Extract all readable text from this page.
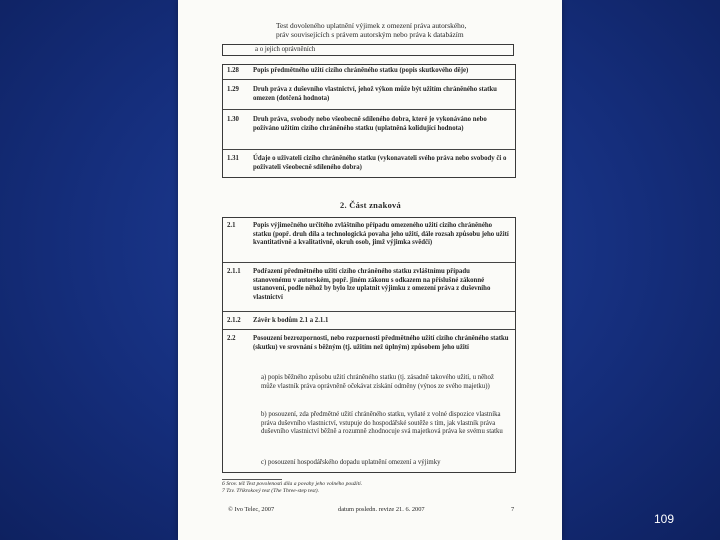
Test dovoleného uplatnění výjimek z omezení práva autorského,
práv souvisejících s právem autorským nebo práva k databázím
a o jejich oprávněních
1.28 Popis předmětného užití cizího chráněného statku (popis skutkového děje)
1.29 Druh práva z duševního vlastnictví, jehož výkon může být užitím chráněného statku omezen (dotčená hodnota)
1.30 Druh práva, svobody nebo všeobecně sdíleného dobra, které je vykonáváno nebo požíváno užitím cizího chráněného statku (uplatněná kolidující hodnota)
1.31 Údaje o uživateli cizího chráněného statku (vykonavateli svého práva nebo svobody či o poživateli všeobecně sdíleného dobra)
2. Část znaková
2.1	Popis výjimečného určitého zvláštního případu omezeného užití cizího chráněného statku (popř. druh díla a technologická povaha jeho užití, dále rozsah způsobu jeho užití kvantitativně a kvalitativně, okruh osob, jimž výjimka svědčí)
2.1.1 Podřazení předmětného užití cizího chráněného statku zvláštnímu případu stanovenému v autorském, popř. jiném zákonu s odkazem na příslušné zákonné ustanovení, podle něhož by bylo lze uplatnit výjimku z omezení práva z duševního vlastnictví
2.1.2 Závěr k bodům 2.1 a 2.1.1
2.2	Posouzení bezrozpornosti, nebo rozpornosti předmětného užití cizího chráněného statku (skutku) ve srovnání s běžným (tj. užitím než úplným) způsobem jeho užití
a) popis běžného způsobu užití chráněného statku (tj. zásadně takového užití, u něhož může vlastník práva oprávněně očekávat získání odměny (výnos ze svého majetku))
b) posouzení, zda předmětné užití chráněného statku, vyňaté z volné dispozice vlastníka práva duševního vlastnictví, vstupuje do hospodářské soutěže s tím, jak vlastník práva duševního vlastnictví běžně a rozumně zhodnocuje svá majetková práva ke svému statku
c) posouzení hospodářského dopadu uplatnění omezení a výjimky
6 Srov. též Test povolenosti díla a povahy jeho volného použití.
7 Tzv. Tříkrokový test (The Three-step test).
© Ivo Telec, 2007	datum posledn. revize 21. 6. 2007	7
109
